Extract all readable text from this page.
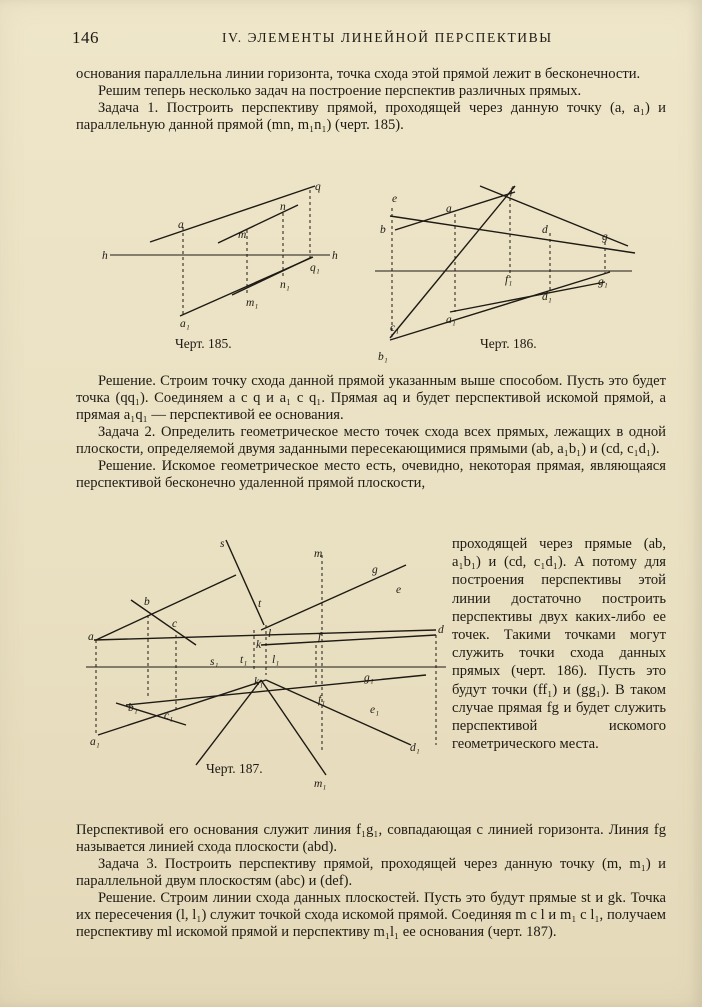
146	IV. ЭЛЕМЕНТЫ ЛИНЕЙНОЙ ПЕРСПЕКТИВЫ

основания параллельна линии горизонта, точка схода этой прямой лежит в бесконечности.

Решим теперь несколько задач на построение перспектив различных прямых.

Задача 1. Построить перспективу прямой, проходящей через данную точку (a, a₁) и параллельную данной прямой (mn, m₁n₁) (черт. 185).

q
n
a
m
h	h
q₁
n₁
m₁
a₁
Черт. 185.
e
f
a
b	d
g
f₁
d₁
g₁
a₁
c₁
b₁
Черт. 186.

Решение. Строим точку схода данной прямой указанным выше способом. Пусть это будет точка (qq₁). Соединяем a с q и a₁ с q₁. Прямая aq и будет перспективой искомой прямой, а прямая a₁q₁ — перспективой ее основания.

Задача 2. Определить геометрическое место точек схода всех прямых, лежащих в одной плоскости, определяемой двумя заданными пересекающимися прямыми (ab, a₁b₁) и (cd, c₁d₁).

Решение. Искомое геометрическое место есть, очевидно, некоторая прямая, являющаяся перспективой бесконечно удаленной прямой плоскости,

s
m
g
b
e
t
c
a
k
l	f
d
s₁ t₁ l₁
k₁	g₁
f₁
b₁
c₁	e₁
a₁	d₁
m₁
Черт. 187.

проходящей через прямые (ab, a₁b₁) и (cd, c₁d₁). А потому для построения перспективы этой линии достаточно построить перспективы двух каких-либо ее точек. Такими точками могут служить точки схода данных прямых (черт. 186). Пусть это будут точки (ff₁) и (gg₁). В таком случае прямая fg и будет служить перспективой искомого геометрического места.

Перспективой его основания служит линия f₁g₁, совпадающая с линией горизонта. Линия fg называется линией схода плоскости (abd).

Задача 3. Построить перспективу прямой, проходящей через данную точку (m, m₁) и параллельной двум плоскостям (abc) и (def).

Решение. Строим линии схода данных плоскостей. Пусть это будут прямые st и gk. Точка их пересечения (l, l₁) служит точкой схода искомой прямой. Соединяя m с l и m₁ с l₁, получаем перспективу ml искомой прямой и перспективу m₁l₁ ее основания (черт. 187).
